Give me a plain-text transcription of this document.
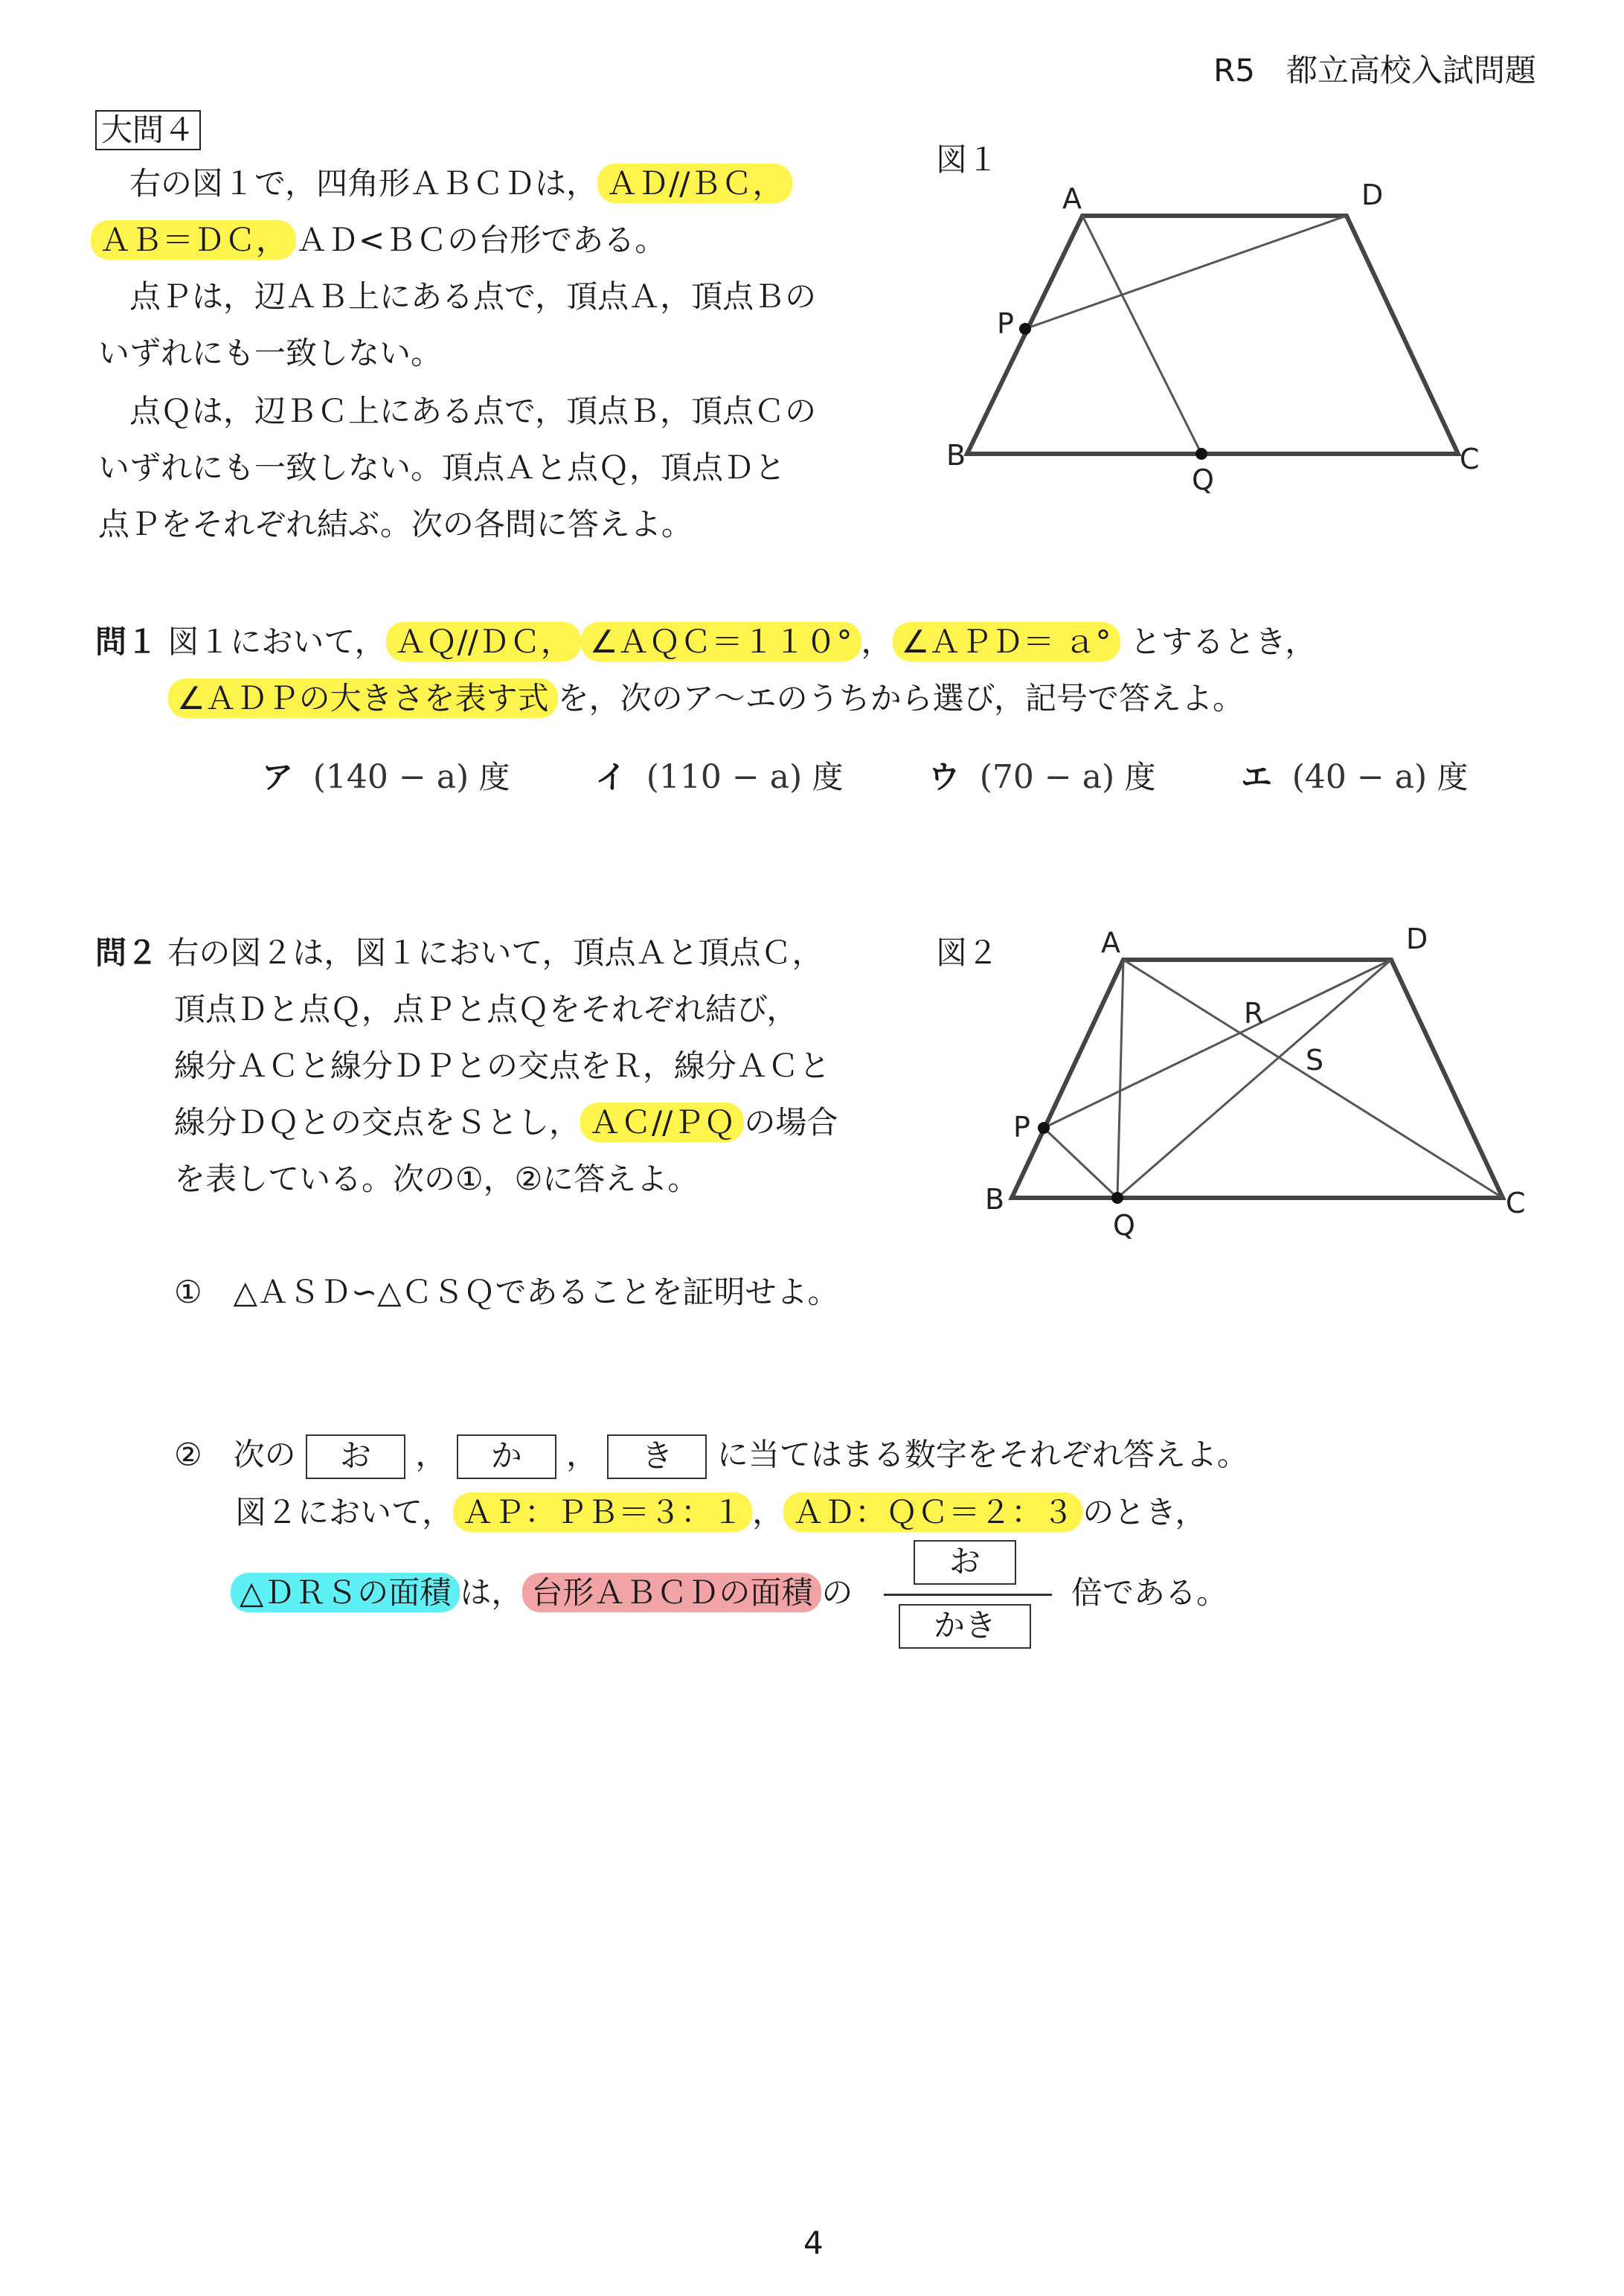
R5　都立高校入試問題
大問４
　右の図１で，四角形ＡＢＣＤは， ＡＤ//ＢＣ，
ＡＢ＝ＤＣ， ＡＤ<ＢＣの台形である。
　点Ｐは，辺ＡＢ上にある点で，頂点Ａ，頂点Ｂの
いずれにも一致しない。
　点Ｑは，辺ＢＣ上にある点で，頂点Ｂ，頂点Ｃの
いずれにも一致しない。頂点Ａと点Ｑ，頂点Ｄと
点Ｐをそれぞれ結ぶ。次の各問に答えよ。
図１
A	D
P
B	C
Q
問１ 図１において， ＡＱ//ＤＣ， ∠ＡＱＣ＝１１０° ， ∠ＡＰＤ＝ ａ° とするとき，
∠ＡＤＰの大きさを表す式 を，次のア〜エのうちから選び，記号で答えよ。
ア (140 − a) 度	イ (110 − a) 度	ウ (70 − a) 度	エ (40 − a) 度
問２ 右の図２は，図１において，頂点Ａと頂点Ｃ，
頂点Ｄと点Ｑ，点Ｐと点Ｑをそれぞれ結び，
線分ＡＣと線分ＤＰとの交点をＲ，線分ＡＣと
線分ＤＱとの交点をＳとし， ＡＣ//ＰＱ の場合
を表している。次の①，②に答えよ。
図２	A	D
R
S
P
B	C
Q
①　△ＡＳＤ∽△ＣＳＱであることを証明せよ。
②　次の お ， か ， き に当てはまる数字をそれぞれ答えよ。
図２において， ＡＰ：ＰＢ＝３：１ ， ＡＤ：ＱＣ＝２：３ のとき，
△ＤＲＳの面積 は， 台形ＡＢＣＤの面積 の
お
かき
倍である。
4
